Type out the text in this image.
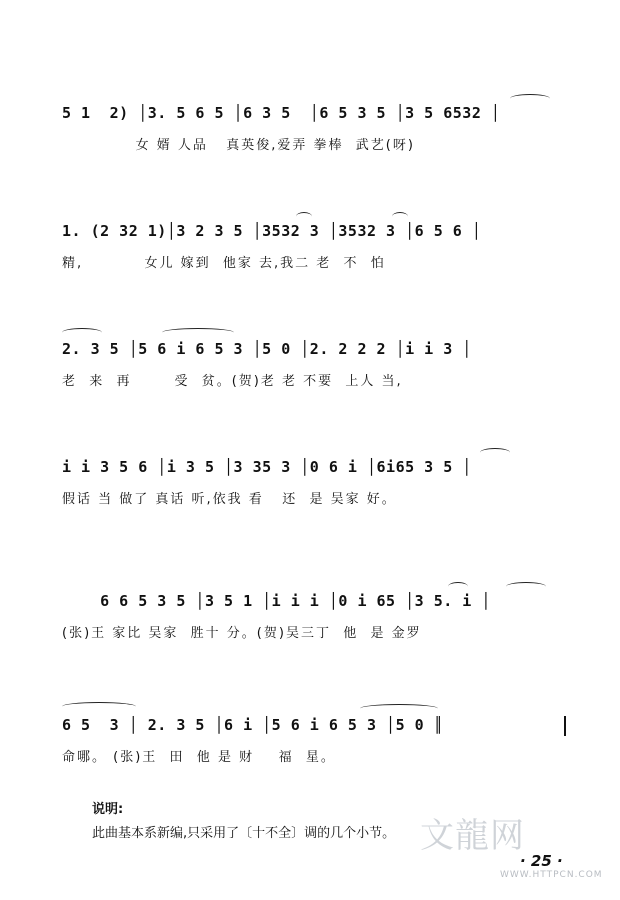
5 1  2) │3. 5 6 5 │6 3 5  │6 5 3 5 │3 5 6532 │
女 婿 人品   真英俊,爱弄 拳棒  武艺(呀)
1. (2 32 1)│3 2 3 5 │3532 3 │3532 3 │6 5 6 │
精,          女儿 嫁到  他家 去,我二 老  不  怕
2. 3 5 │5 6 i 6 5 3 │5 0 │2. 2 2 2 │i i 3 │
老  来  再       受  贫。(贺)老 老 不要  上人 当,
i i 3 5 6 │i 3 5 │3 35 3 │0 6 i │6i65 3 5 │
假话 当 做了 真话 听,依我 看   还  是 吴家 好。
6 6 5 3 5 │3 5 1 │i i i │0 i 65 │3 5. i │
(张)王 家比 吴家  胜十 分。(贺)吴三丁  他  是 金罗
6 5  3 │ 2. 3 5 │6 i │5 6 i 6 5 3 │5 0 ║
命哪。 (张)王  田  他 是 财    福  星。
说明:
此曲基本系新编,只采用了〔十不全〕调的几个小节。
· 25 ·
文龍网
WWW.HTTPCN.COM
